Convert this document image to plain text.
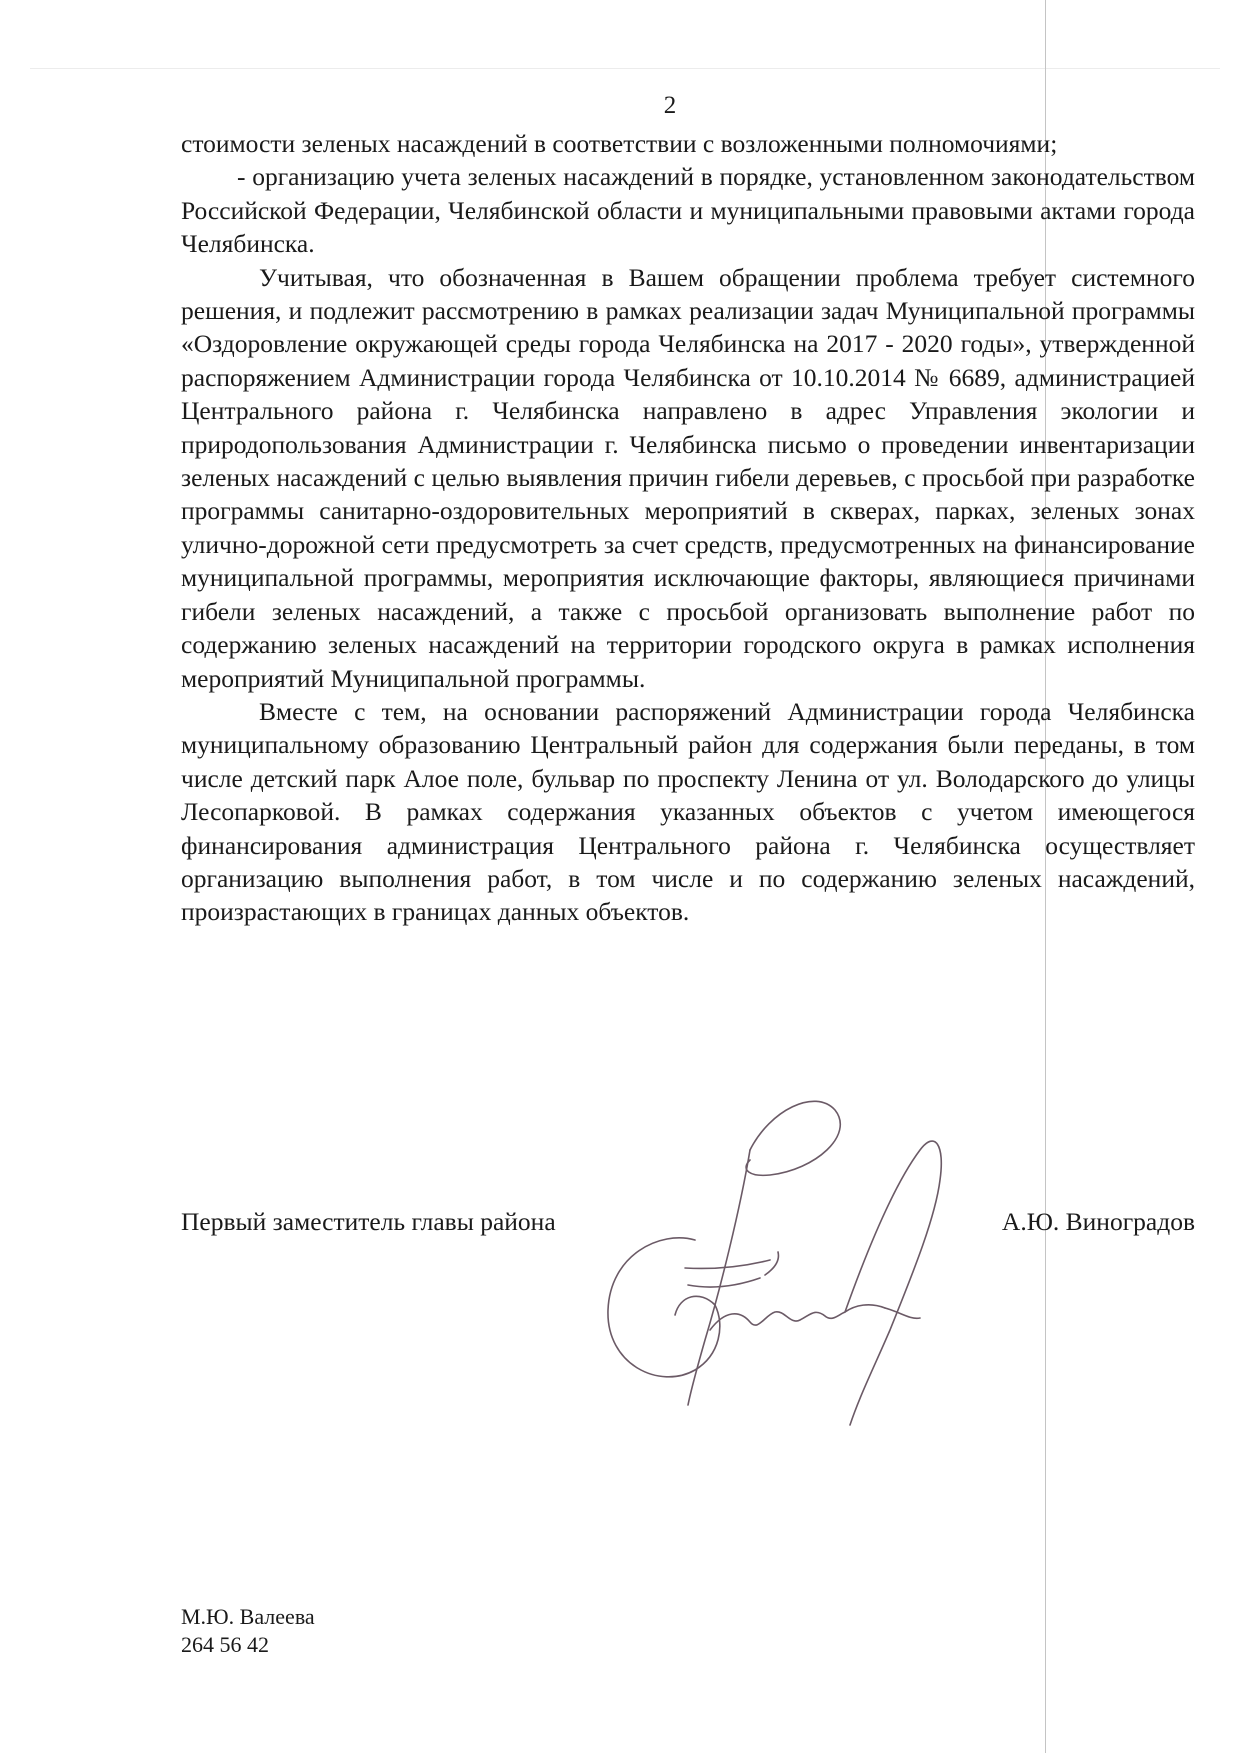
2

стоимости зеленых насаждений в соответствии с возложенными полномочиями;

- организацию учета зеленых насаждений в порядке, установленном законодательством Российской Федерации, Челябинской области и муниципальными правовыми актами города Челябинска.

Учитывая, что обозначенная в Вашем обращении проблема требует системного решения, и подлежит рассмотрению в рамках реализации задач Муниципальной программы «Оздоровление окружающей среды города Челябинска на 2017 - 2020 годы», утвержденной распоряжением Администрации города Челябинска от 10.10.2014 № 6689, администрацией Центрального района г. Челябинска направлено в адрес Управления экологии и природопользования Администрации г. Челябинска письмо о проведении инвентаризации зеленых насаждений с целью выявления причин гибели деревьев, с просьбой при разработке программы санитарно-оздоровительных мероприятий в скверах, парках, зеленых зонах улично-дорожной сети предусмотреть за счет средств, предусмотренных на финансирование муниципальной программы, мероприятия исключающие факторы, являющиеся причинами гибели зеленых насаждений, а также с просьбой организовать выполнение работ по содержанию зеленых насаждений на территории городского округа в рамках исполнения мероприятий Муниципальной программы.

Вместе с тем, на основании распоряжений Администрации города Челябинска муниципальному образованию Центральный район для содержания были переданы, в том числе детский парк Алое поле, бульвар по проспекту Ленина от ул. Володарского до улицы Лесопарковой. В рамках содержания указанных объектов с учетом имеющегося финансирования администрация Центрального района г. Челябинска осуществляет организацию выполнения работ, в том числе и по содержанию зеленых насаждений, произрастающих в границах данных объектов.

Первый заместитель главы района	А.Ю. Виноградов
М.Ю. Валеева
264 56 42
